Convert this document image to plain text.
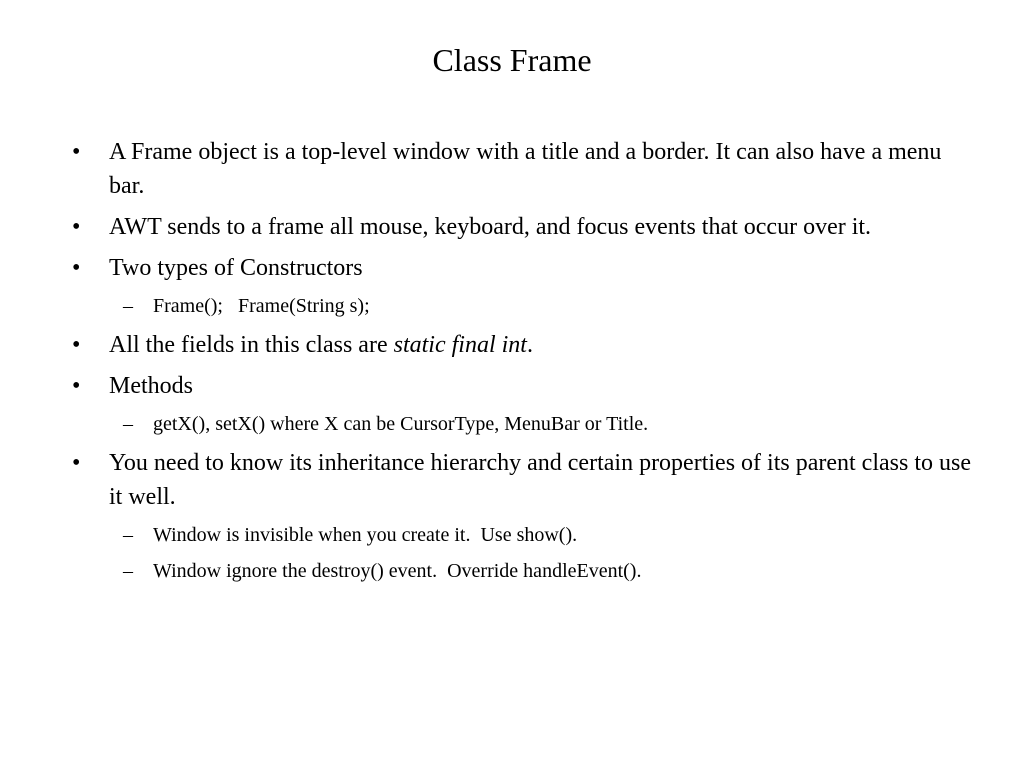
Class Frame
• A Frame object is a top-level window with a title and a border. It can also have a menu bar.
• AWT sends to a frame all mouse, keyboard, and focus events that occur over it.
• Two types of Constructors
– Frame();   Frame(String s);
• All the fields in this class are static final int.
• Methods
– getX(), setX() where X can be CursorType, MenuBar or Title.
• You need to know its inheritance hierarchy and certain properties of its parent class to use it well.
– Window is invisible when you create it.  Use show().
– Window ignore the destroy() event.  Override handleEvent().
